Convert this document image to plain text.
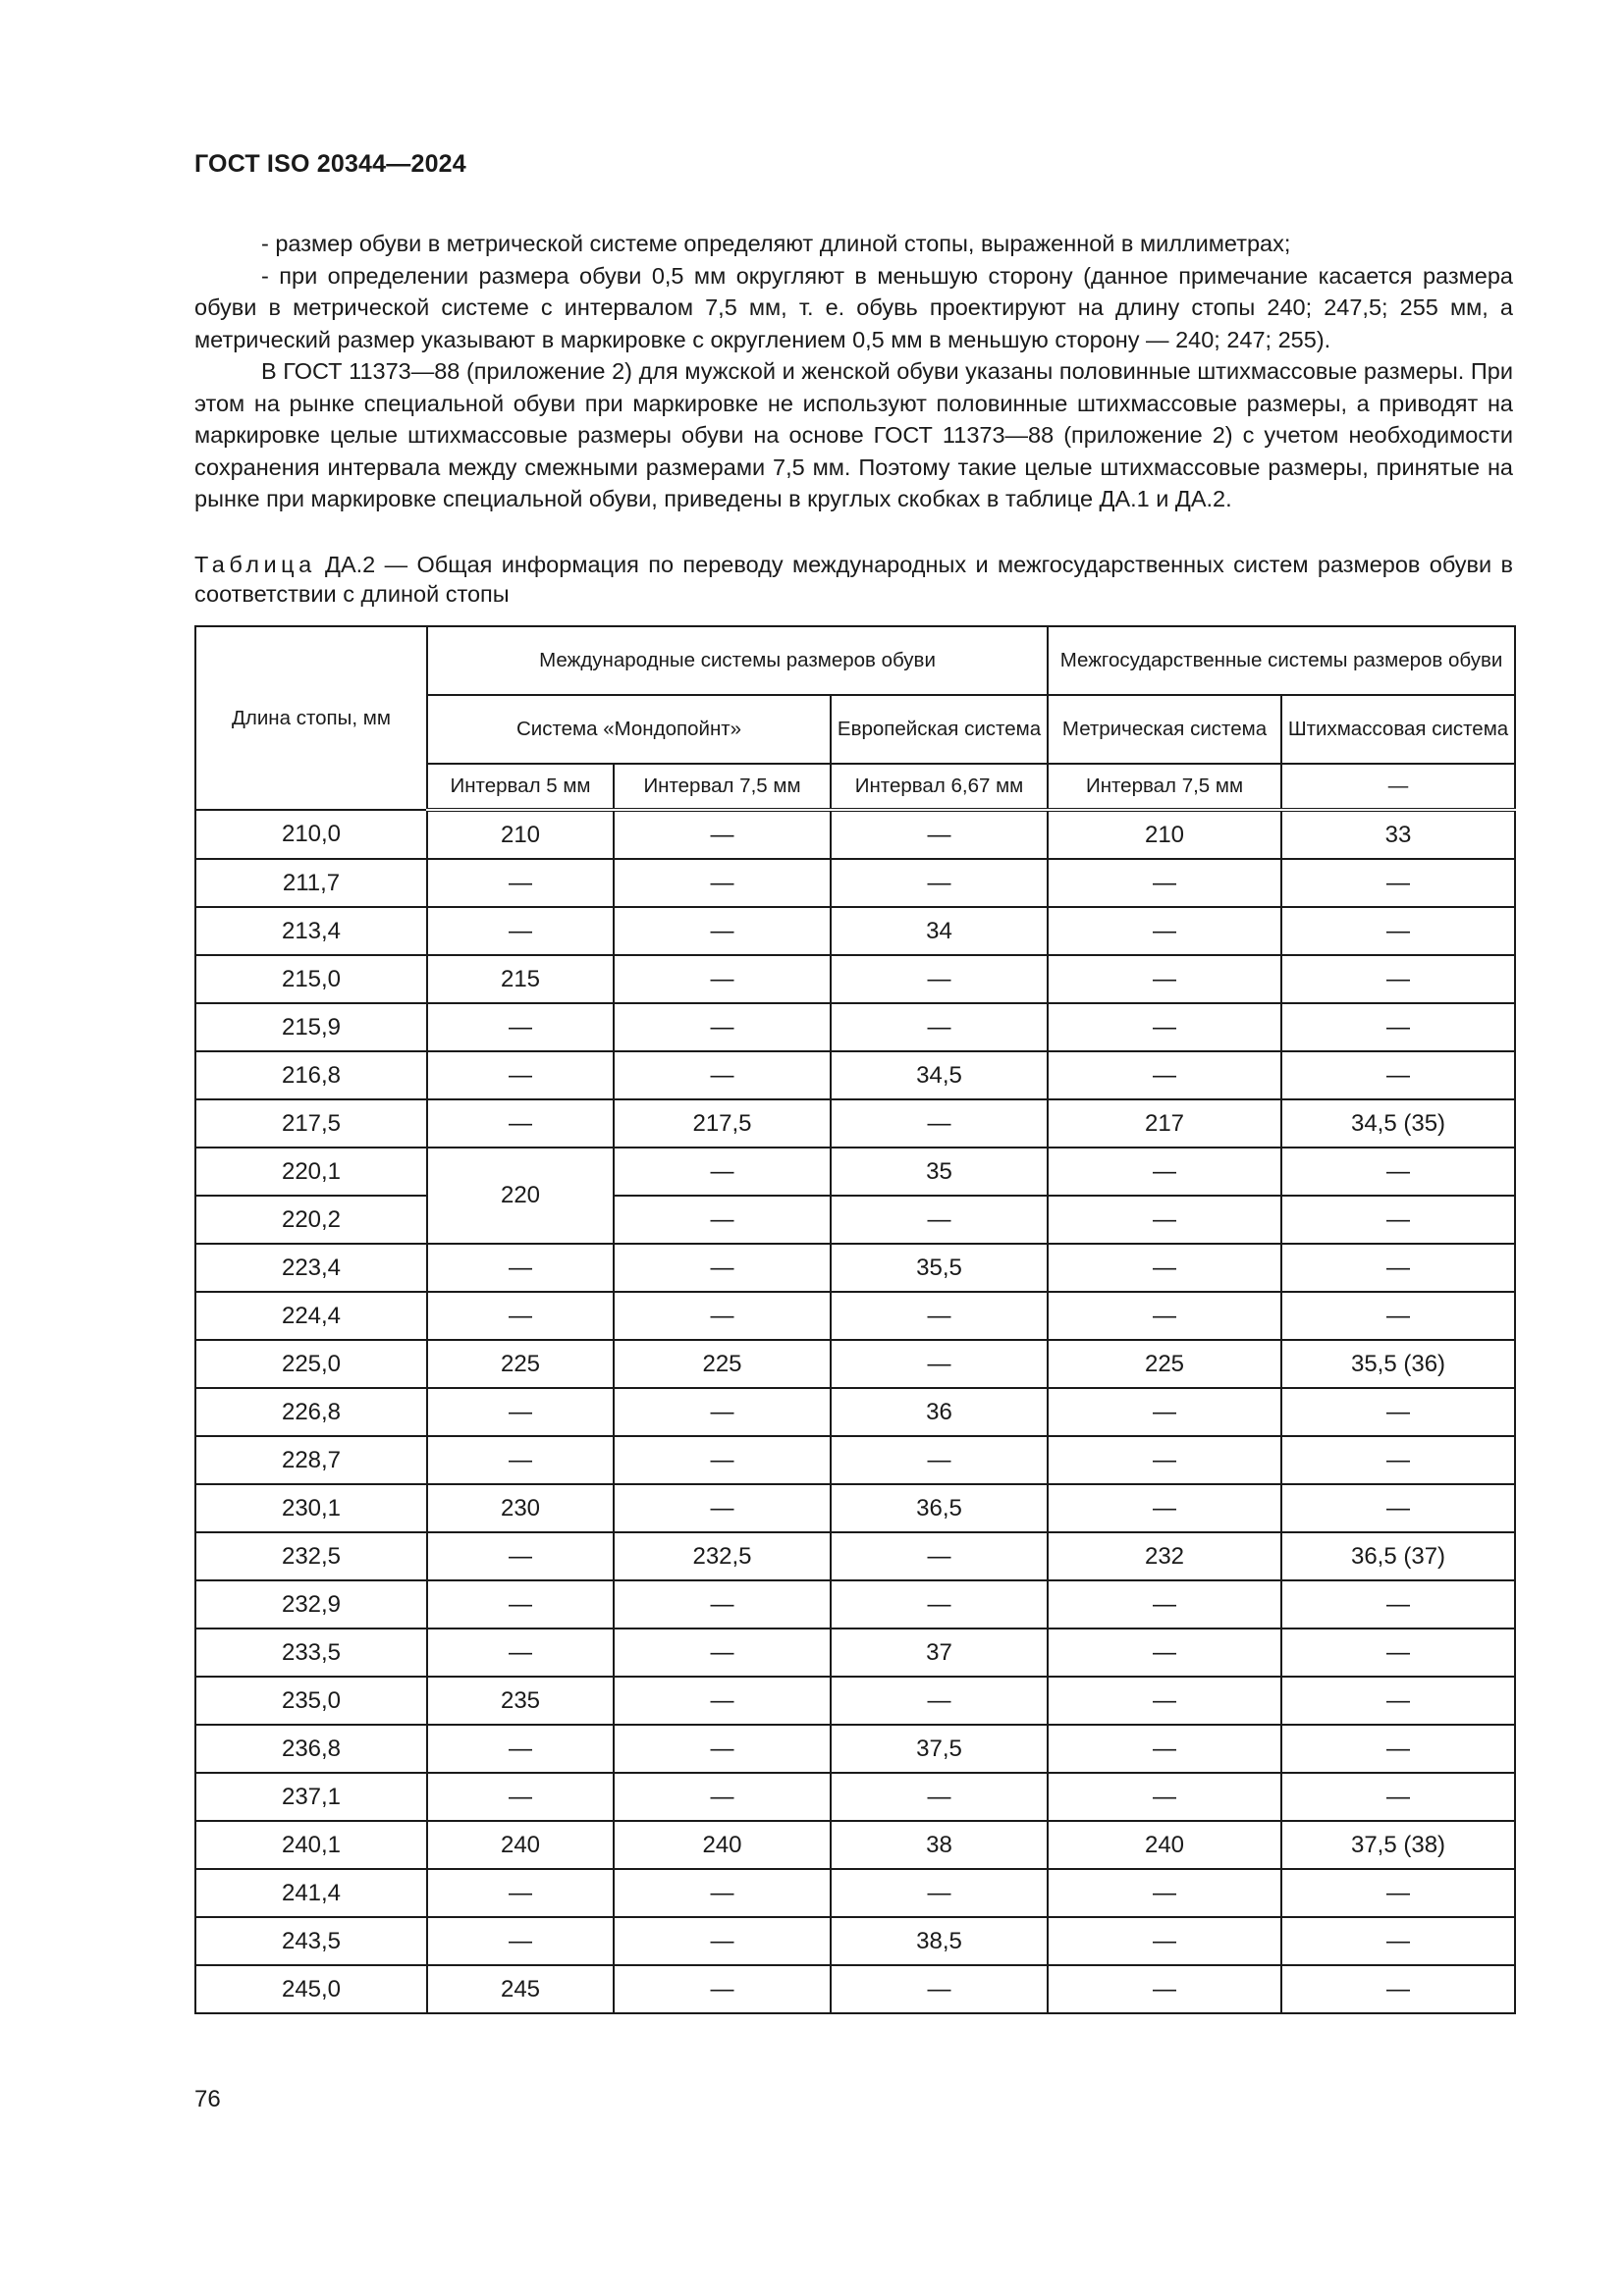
ГОСТ ISO 20344—2024

- размер обуви в метрической системе определяют длиной стопы, выраженной в миллиметрах;

- при определении размера обуви 0,5 мм округляют в меньшую сторону (данное примечание касается размера обуви в метрической системе с интервалом 7,5 мм, т. е. обувь проектируют на длину стопы 240; 247,5; 255 мм, а метрический размер указывают в маркировке с округлением 0,5 мм в меньшую сторону — 240; 247; 255).

В ГОСТ 11373—88 (приложение 2) для мужской и женской обуви указаны половинные штихмассовые размеры. При этом на рынке специальной обуви при маркировке не используют половинные штихмассовые размеры, а приводят на маркировке целые штихмассовые размеры обуви на основе ГОСТ 11373—88 (приложение 2) с учетом необходимости сохранения интервала между смежными размерами 7,5 мм. Поэтому такие целые штихмассовые размеры, принятые на рынке при маркировке специальной обуви, приведены в круглых скобках в таблице ДА.1 и ДА.2.

Таблица ДА.2 — Общая информация по переводу международных и межгосударственных систем размеров обуви в соответствии с длиной стопы
Длина стопы, мм	Международные системы размеров обуви			Межгосударственные системы размеров обуви	
	Система «Мондопойнт»		Европейская система	Метрическая система	Штихмассовая система
	Интервал 5 мм	Интервал 7,5 мм	Интервал 6,67 мм	Интервал 7,5 мм	—
210,0	210	—	—	210	33
211,7	—	—	—	—	—
213,4	—	—	34	—	—
215,0	215	—	—	—	—
215,9	—	—	—	—	—
216,8	—	—	34,5	—	—
217,5	—	217,5	—	217	34,5 (35)
220,1	220	—	35	—	—
220,2		—	—	—	—
223,4	—	—	35,5	—	—
224,4	—	—	—	—	—
225,0	225	225	—	225	35,5 (36)
226,8	—	—	36	—	—
228,7	—	—	—	—	—
230,1	230	—	36,5	—	—
232,5	—	232,5	—	232	36,5 (37)
232,9	—	—	—	—	—
233,5	—	—	37	—	—
235,0	235	—	—	—	—
236,8	—	—	37,5	—	—
237,1	—	—	—	—	—
240,1	240	240	38	240	37,5 (38)
241,4	—	—	—	—	—
243,5	—	—	38,5	—	—
245,0	245	—	—	—	—
76
